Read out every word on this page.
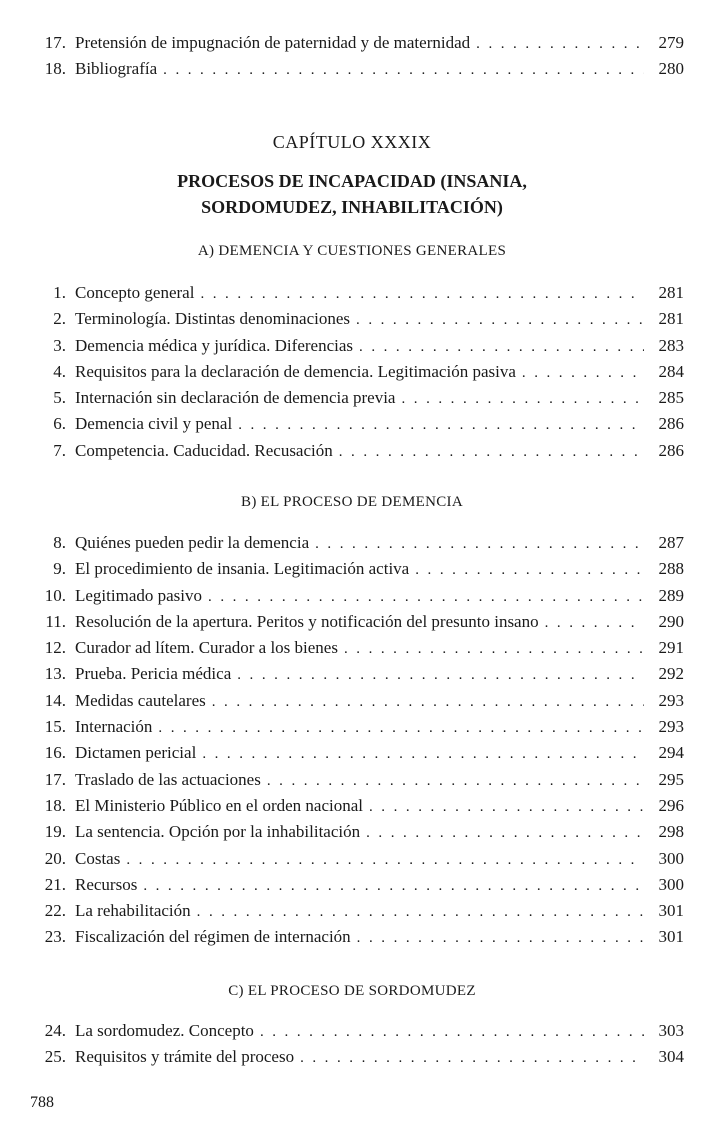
17. Pretensión de impugnación de paternidad y de maternidad . . .	279
18. Bibliografía . . .	280
CAPÍTULO XXXIX
PROCESOS DE INCAPACIDAD (INSANIA,
SORDOMUDEZ, INHABILITACIÓN)
A) DEMENCIA Y CUESTIONES GENERALES
1. Concepto general . . .	281
2. Terminología. Distintas denominaciones . . .	281
3. Demencia médica y jurídica. Diferencias . . .	283
4. Requisitos para la declaración de demencia. Legitimación pasiva . . .	284
5. Internación sin declaración de demencia previa . . .	285
6. Demencia civil y penal . . .	286
7. Competencia. Caducidad. Recusación . . .	286
B) EL PROCESO DE DEMENCIA
8. Quiénes pueden pedir la demencia . . .	287
9. El procedimiento de insania. Legitimación activa . . .	288
10. Legitimado pasivo . . .	289
11. Resolución de la apertura. Peritos y notificación del presunto insano . . .	290
12. Curador ad lítem. Curador a los bienes . . .	291
13. Prueba. Pericia médica . . .	292
14. Medidas cautelares . . .	293
15. Internación . . .	293
16. Dictamen pericial . . .	294
17. Traslado de las actuaciones . . .	295
18. El Ministerio Público en el orden nacional . . .	296
19. La sentencia. Opción por la inhabilitación . . .	298
20. Costas . . .	300
21. Recursos . . .	300
22. La rehabilitación . . .	301
23. Fiscalización del régimen de internación . . .	301
C) EL PROCESO DE SORDOMUDEZ
24. La sordomudez. Concepto . . .	303
25. Requisitos y trámite del proceso . . .	304
788
